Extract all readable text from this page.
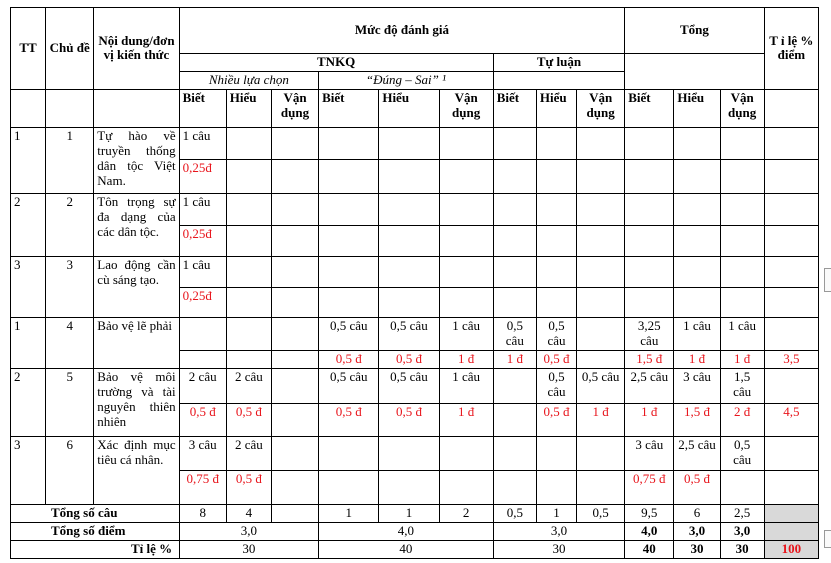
TT	Chủ đề	Nội dung/đơn vị kiến thức	Mức độ đánh giá									Tổng			T ỉ lệ % điểm
			TNKQ						Tự luận						
			Nhiều lựa chọn			“Đúng – Sai” ¹									
			Biết	Hiểu	Vận dụng	Biết	Hiểu	Vận dụng	Biết	Hiểu	Vận dụng	Biết	Hiểu	Vận dụng	
1	1	Tự hào về truyền thống dân tộc Việt Nam.	1 câu												
			0,25đ												
2	2	Tôn trọng sự đa dạng của các dân tộc.	1 câu												
			0,25đ												
3	3	Lao động cần cù sáng tạo.	1 câu												
			0,25đ												
1	4	Bảo vệ lẽ phải				0,5 câu	0,5 câu	1 câu	0,5 câu	0,5 câu		3,25 câu	1 câu	1 câu	
						0,5 đ	0,5 đ	1 đ	1 đ	0,5 đ		1,5 đ	1 đ	1 đ	3,5
2	5	Bảo vệ môi trường và tài nguyên thiên nhiên	2 câu	2 câu		0,5 câu	0,5 câu	1 câu		0,5 câu	0,5 câu	2,5 câu	3 câu	1,5 câu	
			0,5 đ	0,5 đ		0,5 đ	0,5 đ	1 đ		0,5 đ	1 đ	1 đ	1,5 đ	2 đ	4,5
3	6	Xác định mục tiêu cá nhân.	3 câu	2 câu								3 câu	2,5 câu	0,5 câu	
			0,75 đ	0,5 đ								0,75 đ	0,5 đ		
Tổng số câu			8	4		1	1	2	0,5	1	0,5	9,5	6	2,5	
Tổng số điểm			3,0			4,0			3,0			4,0	3,0	3,0	
Tỉ lệ %			30			40			30			40	30	30	100
